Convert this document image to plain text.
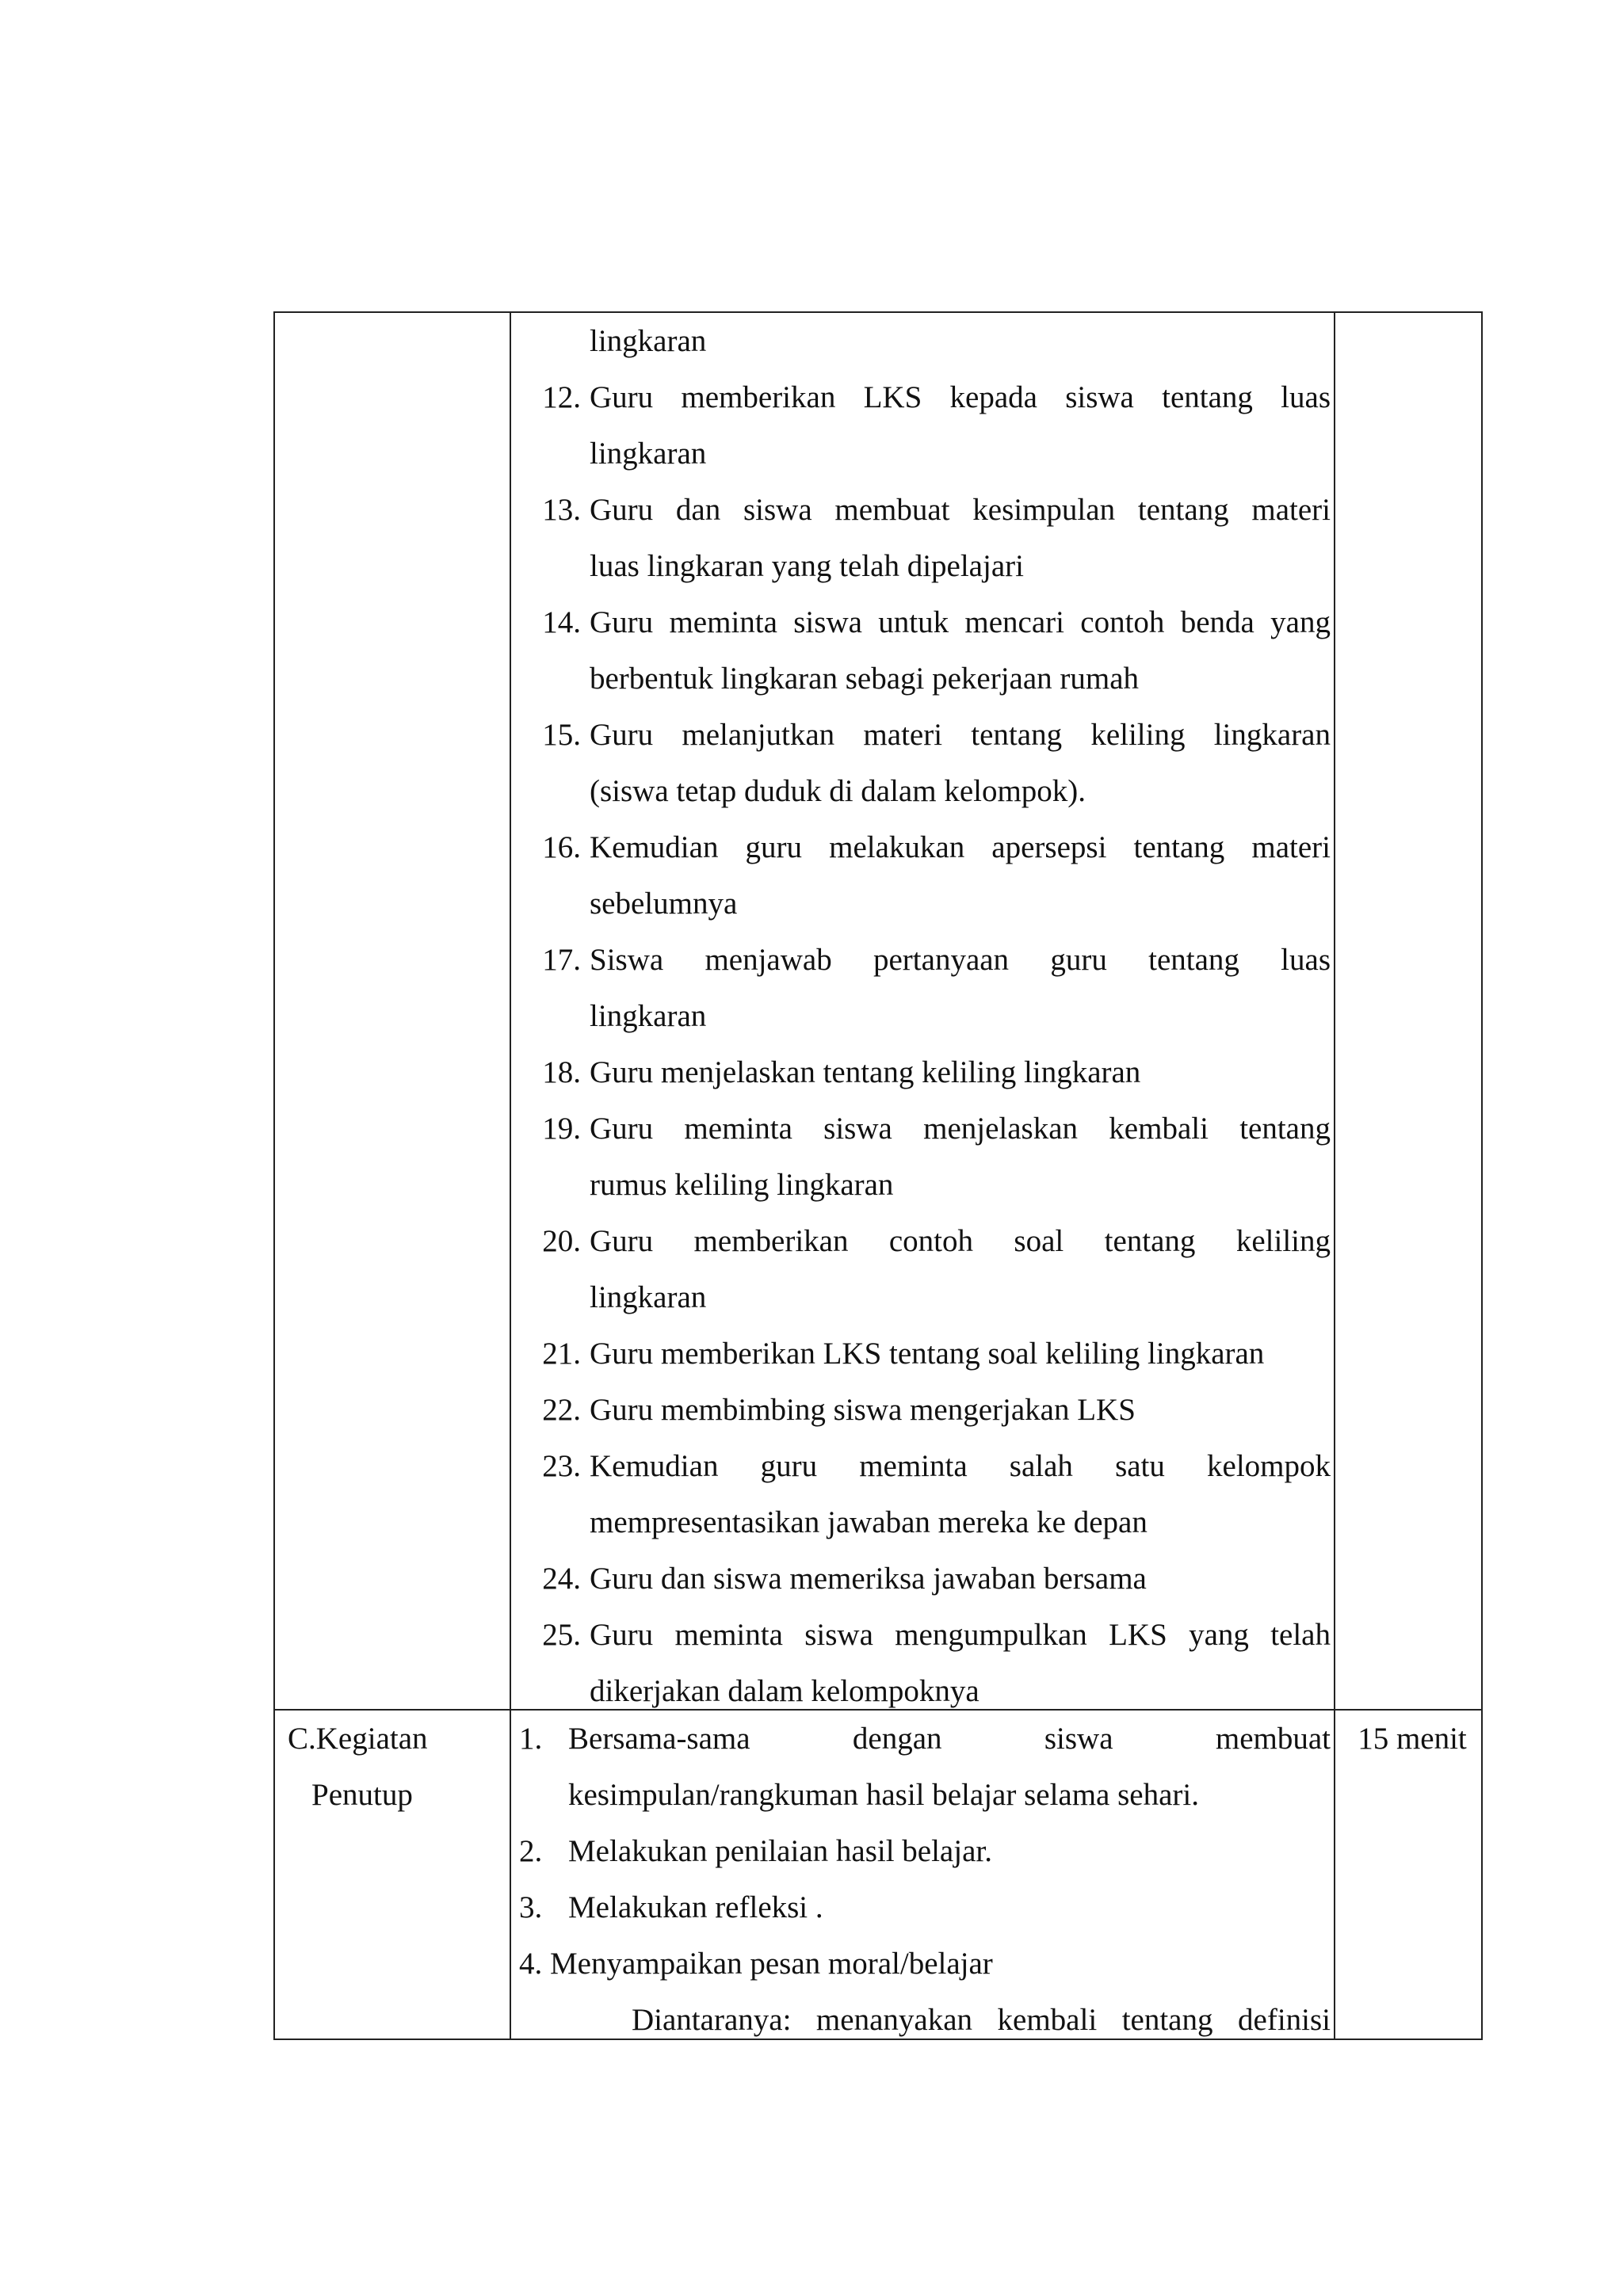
lingkaran
12. Guru memberikan LKS kepada siswa tentang luas
lingkaran
13. Guru dan siswa membuat kesimpulan tentang materi
luas lingkaran yang telah dipelajari
14. Guru meminta siswa untuk mencari contoh benda yang
berbentuk lingkaran sebagi pekerjaan rumah
15. Guru melanjutkan materi tentang keliling lingkaran
(siswa tetap duduk di dalam kelompok).
16. Kemudian guru melakukan apersepsi tentang materi
sebelumnya
17. Siswa menjawab pertanyaan guru tentang luas
lingkaran
18. Guru menjelaskan tentang keliling lingkaran
19. Guru meminta siswa menjelaskan kembali tentang
rumus keliling lingkaran
20. Guru memberikan contoh soal tentang keliling
lingkaran
21. Guru memberikan LKS tentang soal keliling lingkaran
22. Guru membimbing siswa mengerjakan LKS
23. Kemudian guru meminta salah satu kelompok
mempresentasikan jawaban mereka ke depan
24. Guru dan siswa memeriksa jawaban bersama
25. Guru meminta siswa mengumpulkan LKS yang telah
dikerjakan dalam kelompoknya
C.Kegiatan
Penutup
1. Bersama-sama dengan siswa membuat
kesimpulan/rangkuman hasil belajar selama sehari.
2. Melakukan penilaian hasil belajar.
3. Melakukan refleksi .
4. Menyampaikan pesan moral/belajar
Diantaranya: menanyakan kembali tentang definisi
15 menit
